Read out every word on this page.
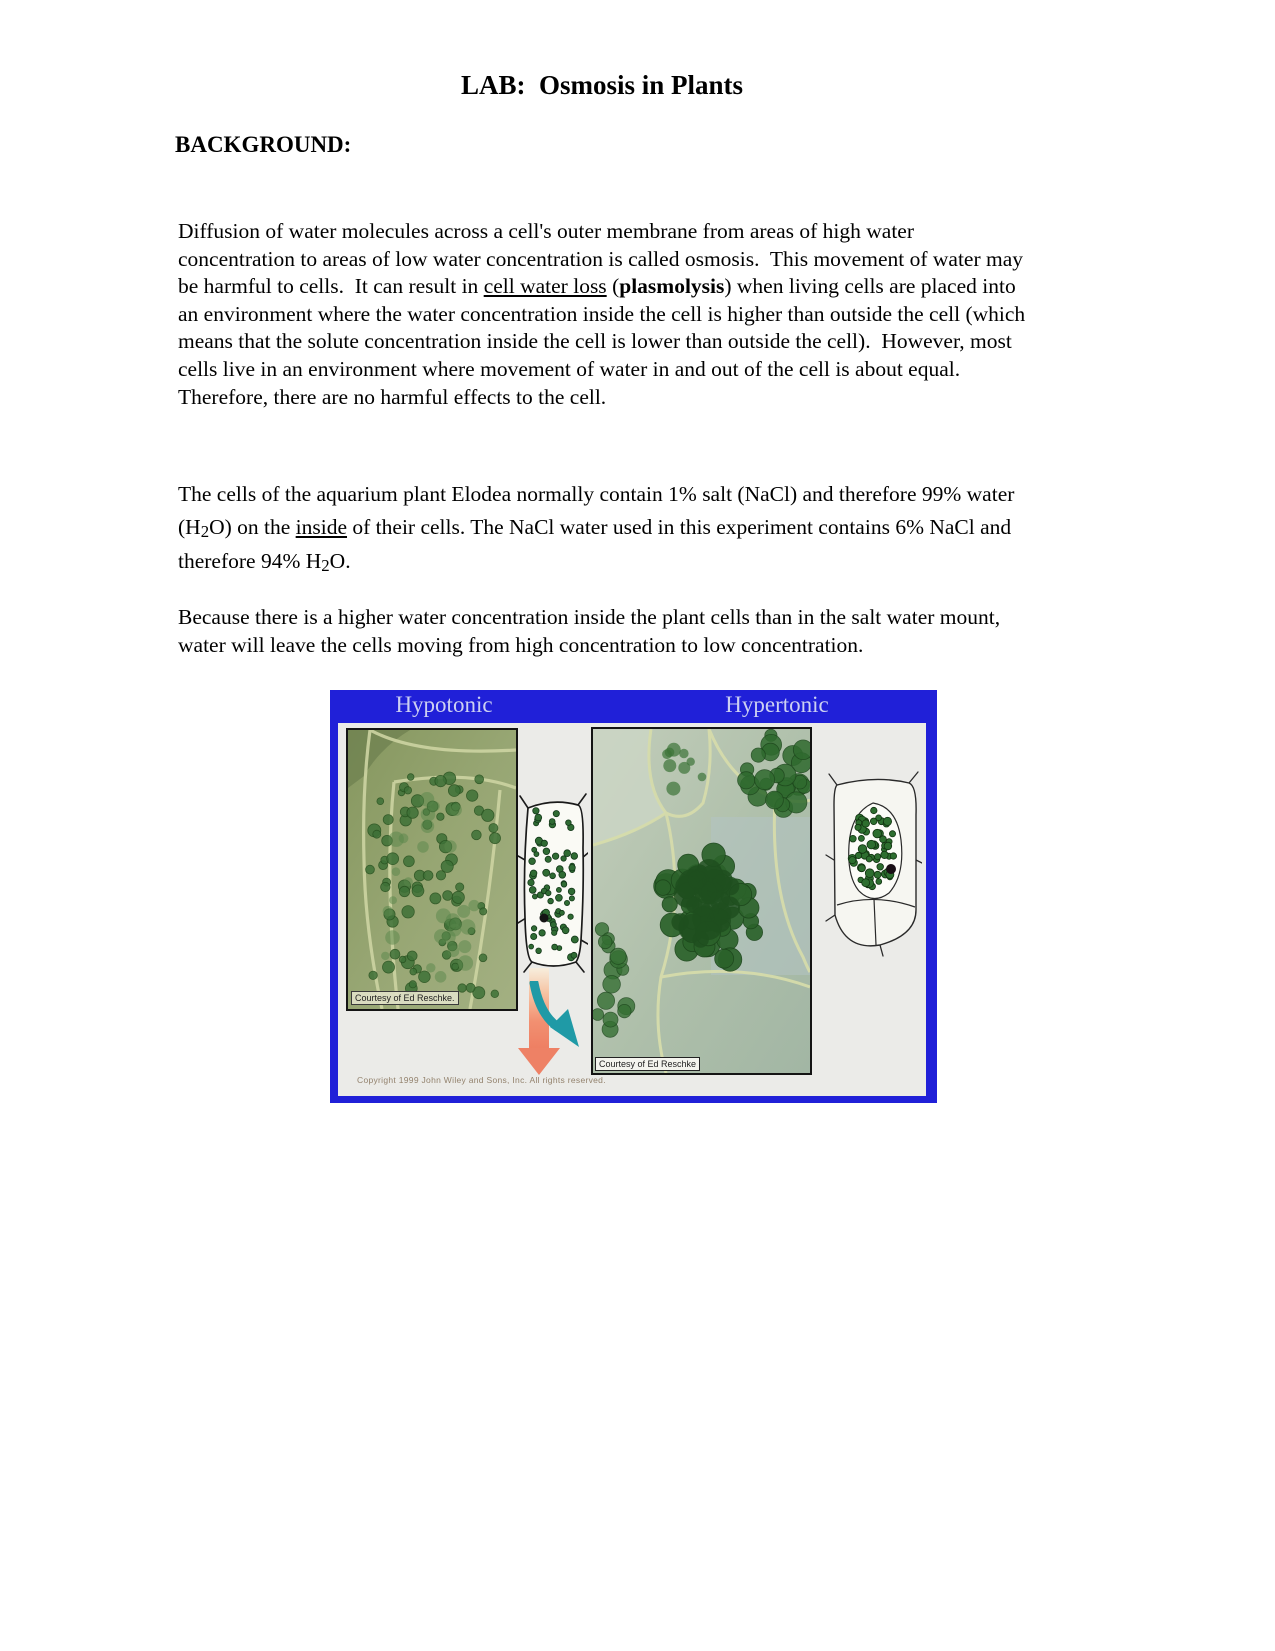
LAB:  Osmosis in Plants
BACKGROUND:
Diffusion of water molecules across a cell's outer membrane from areas of high water concentration to areas of low water concentration is called osmosis.  This movement of water may be harmful to cells.  It can result in cell water loss (plasmolysis) when living cells are placed into an environment where the water concentration inside the cell is higher than outside the cell (which means that the solute concentration inside the cell is lower than outside the cell).  However, most cells live in an environment where movement of water in and out of the cell is about equal.  Therefore, there are no harmful effects to the cell.
The cells of the aquarium plant Elodea normally contain 1% salt (NaCl) and therefore 99% water (H2O) on the inside of their cells. The NaCl water used in this experiment contains 6% NaCl and therefore 94% H2O.
Because there is a higher water concentration inside the plant cells than in the salt water mount, water will leave the cells moving from high concentration to low concentration.
Hypotonic	Hypertonic
Courtesy of Ed Reschke.
Courtesy of Ed Reschke
Copyright 1999 John Wiley and Sons, Inc. All rights reserved.
